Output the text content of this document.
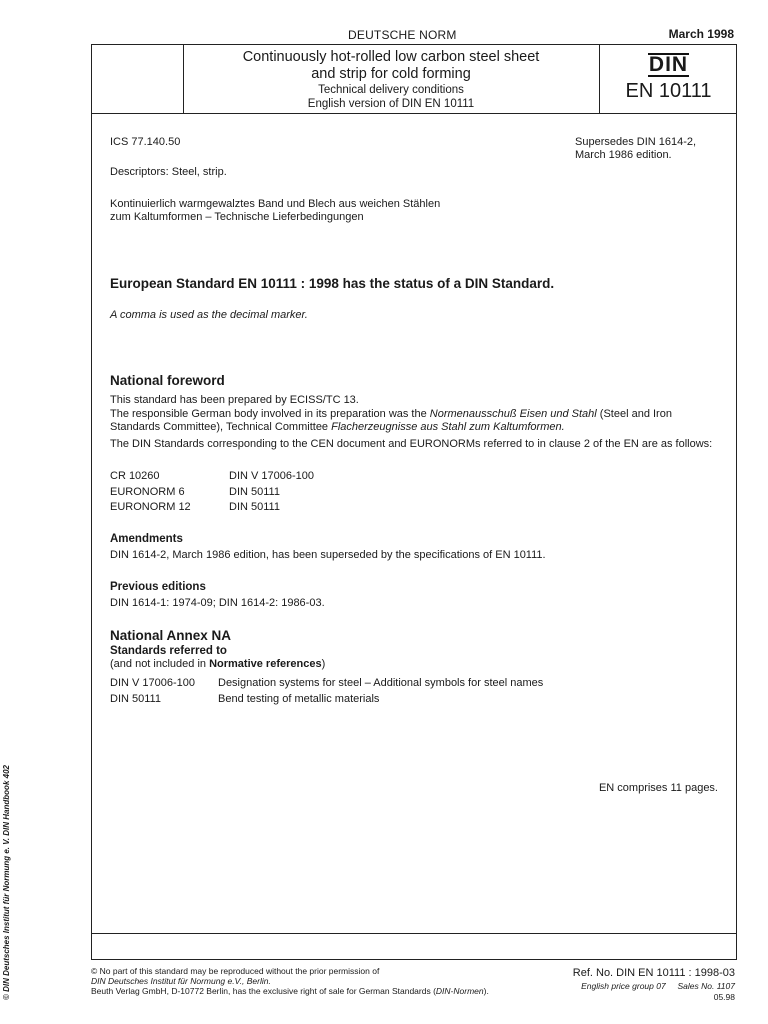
DEUTSCHE NORM	March 1998
Continuously hot-rolled low carbon steel sheet
and strip for cold forming
Technical delivery conditions
English version of DIN EN 10111
DIN
EN 10111
ICS 77.140.50	Supersedes DIN 1614-2,
March 1986 edition.
Descriptors: Steel, strip.
Kontinuierlich warmgewalztes Band und Blech aus weichen Stählen
zum Kaltumformen – Technische Lieferbedingungen
European Standard EN 10111 : 1998 has the status of a DIN Standard.
A comma is used as the decimal marker.
National foreword
This standard has been prepared by ECISS/TC 13.
The responsible German body involved in its preparation was the Normenausschuß Eisen und Stahl (Steel and Iron Standards Committee), Technical Committee Flacherzeugnisse aus Stahl zum Kaltumformen.
The DIN Standards corresponding to the CEN document and EURONORMs referred to in clause 2 of the EN are as follows:
CR 10260	DIN V 17006-100
EURONORM 6	DIN 50111
EURONORM 12	DIN 50111
Amendments
DIN 1614-2, March 1986 edition, has been superseded by the specifications of EN 10111.
Previous editions
DIN 1614-1: 1974-09; DIN 1614-2: 1986-03.
National Annex NA
Standards referred to
(and not included in Normative references)
DIN V 17006-100	Designation systems for steel – Additional symbols for steel names
DIN 50111	Bend testing of metallic materials
EN comprises 11 pages.
© DIN Deutsches Institut für Normung e. V. DIN Handbook 402	© No part of this standard may be reproduced without the prior permission of
DIN Deutsches Institut für Normung e.V., Berlin.
Beuth Verlag GmbH, D-10772 Berlin, has the exclusive right of sale for German Standards (DIN-Normen).
Ref. No. DIN EN 10111 : 1998-03
English price group 07     Sales No. 1107
05.98
